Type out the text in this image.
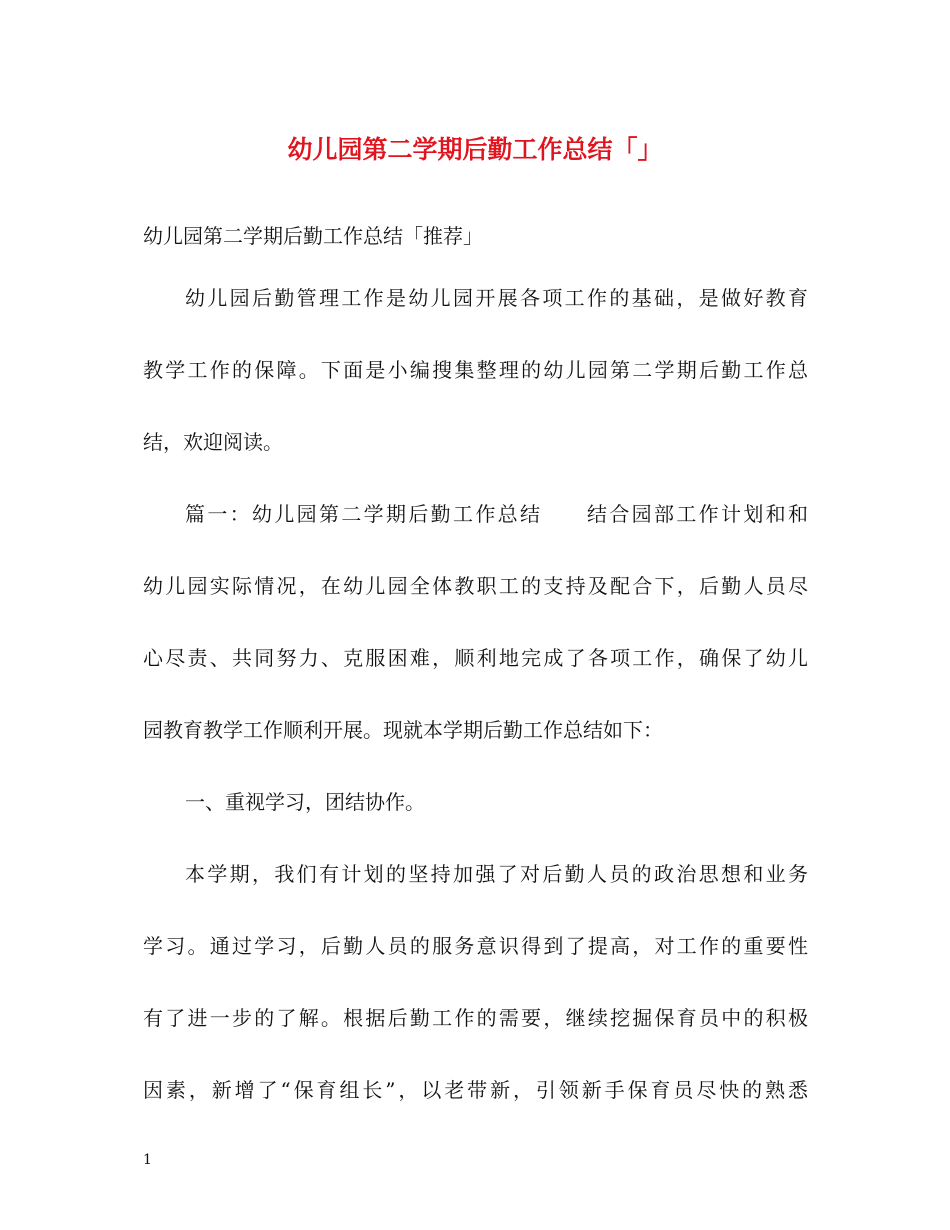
幼儿园第二学期后勤工作总结「」
幼儿园第二学期后勤工作总结「推荐」
幼儿园后勤管理工作是幼儿园开展各项工作的基础，是做好教育
教学工作的保障。下面是小编搜集整理的幼儿园第二学期后勤工作总
结，欢迎阅读。
篇一：幼儿园第二学期后勤工作总结　　结合园部工作计划和和
幼儿园实际情况，在幼儿园全体教职工的支持及配合下，后勤人员尽
心尽责、共同努力、克服困难，顺利地完成了各项工作，确保了幼儿
园教育教学工作顺利开展。现就本学期后勤工作总结如下：
一、重视学习，团结协作。
本学期，我们有计划的坚持加强了对后勤人员的政治思想和业务
学习。通过学习，后勤人员的服务意识得到了提高，对工作的重要性
有了进一步的了解。根据后勤工作的需要，继续挖掘保育员中的积极
因素，新增了“保育组长”，以老带新，引领新手保育员尽快的熟悉
1
